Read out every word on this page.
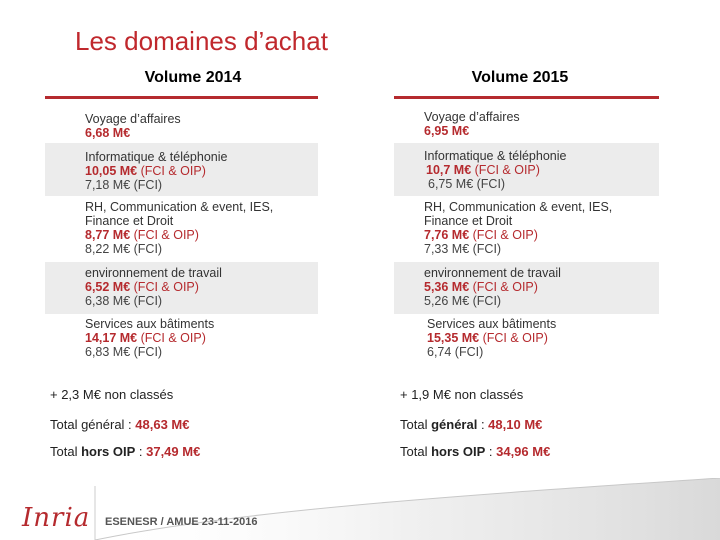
Les domaines d’achat
Volume 2014	Volume 2015
Voyage d’affaires
6,68 M€
Informatique & téléphonie
10,05 M€ (FCI & OIP)
7,18 M€ (FCI)
RH, Communication & event, IES, Finance et Droit
8,77 M€ (FCI & OIP)
8,22 M€ (FCI)
environnement de travail
6,52 M€ (FCI & OIP)
6,38 M€ (FCI)
Services aux bâtiments
14,17 M€ (FCI & OIP)
6,83 M€ (FCI)
Voyage d’affaires
6,95 M€
Informatique & téléphonie
10,7 M€ (FCI & OIP)
6,75 M€ (FCI)
RH, Communication & event, IES, Finance et Droit
7,76 M€ (FCI & OIP)
7,33 M€ (FCI)
environnement de travail
5,36 M€ (FCI & OIP)
5,26 M€ (FCI)
Services aux bâtiments
15,35 M€ (FCI & OIP)
6,74 (FCI)
+ 2,3 M€ non classés
Total général : 48,63 M€
Total hors OIP : 37,49 M€
+ 1,9 M€ non classés
Total général : 48,10 M€
Total hors OIP : 34,96 M€
Inria ESENESR / AMUE 23-11-2016
